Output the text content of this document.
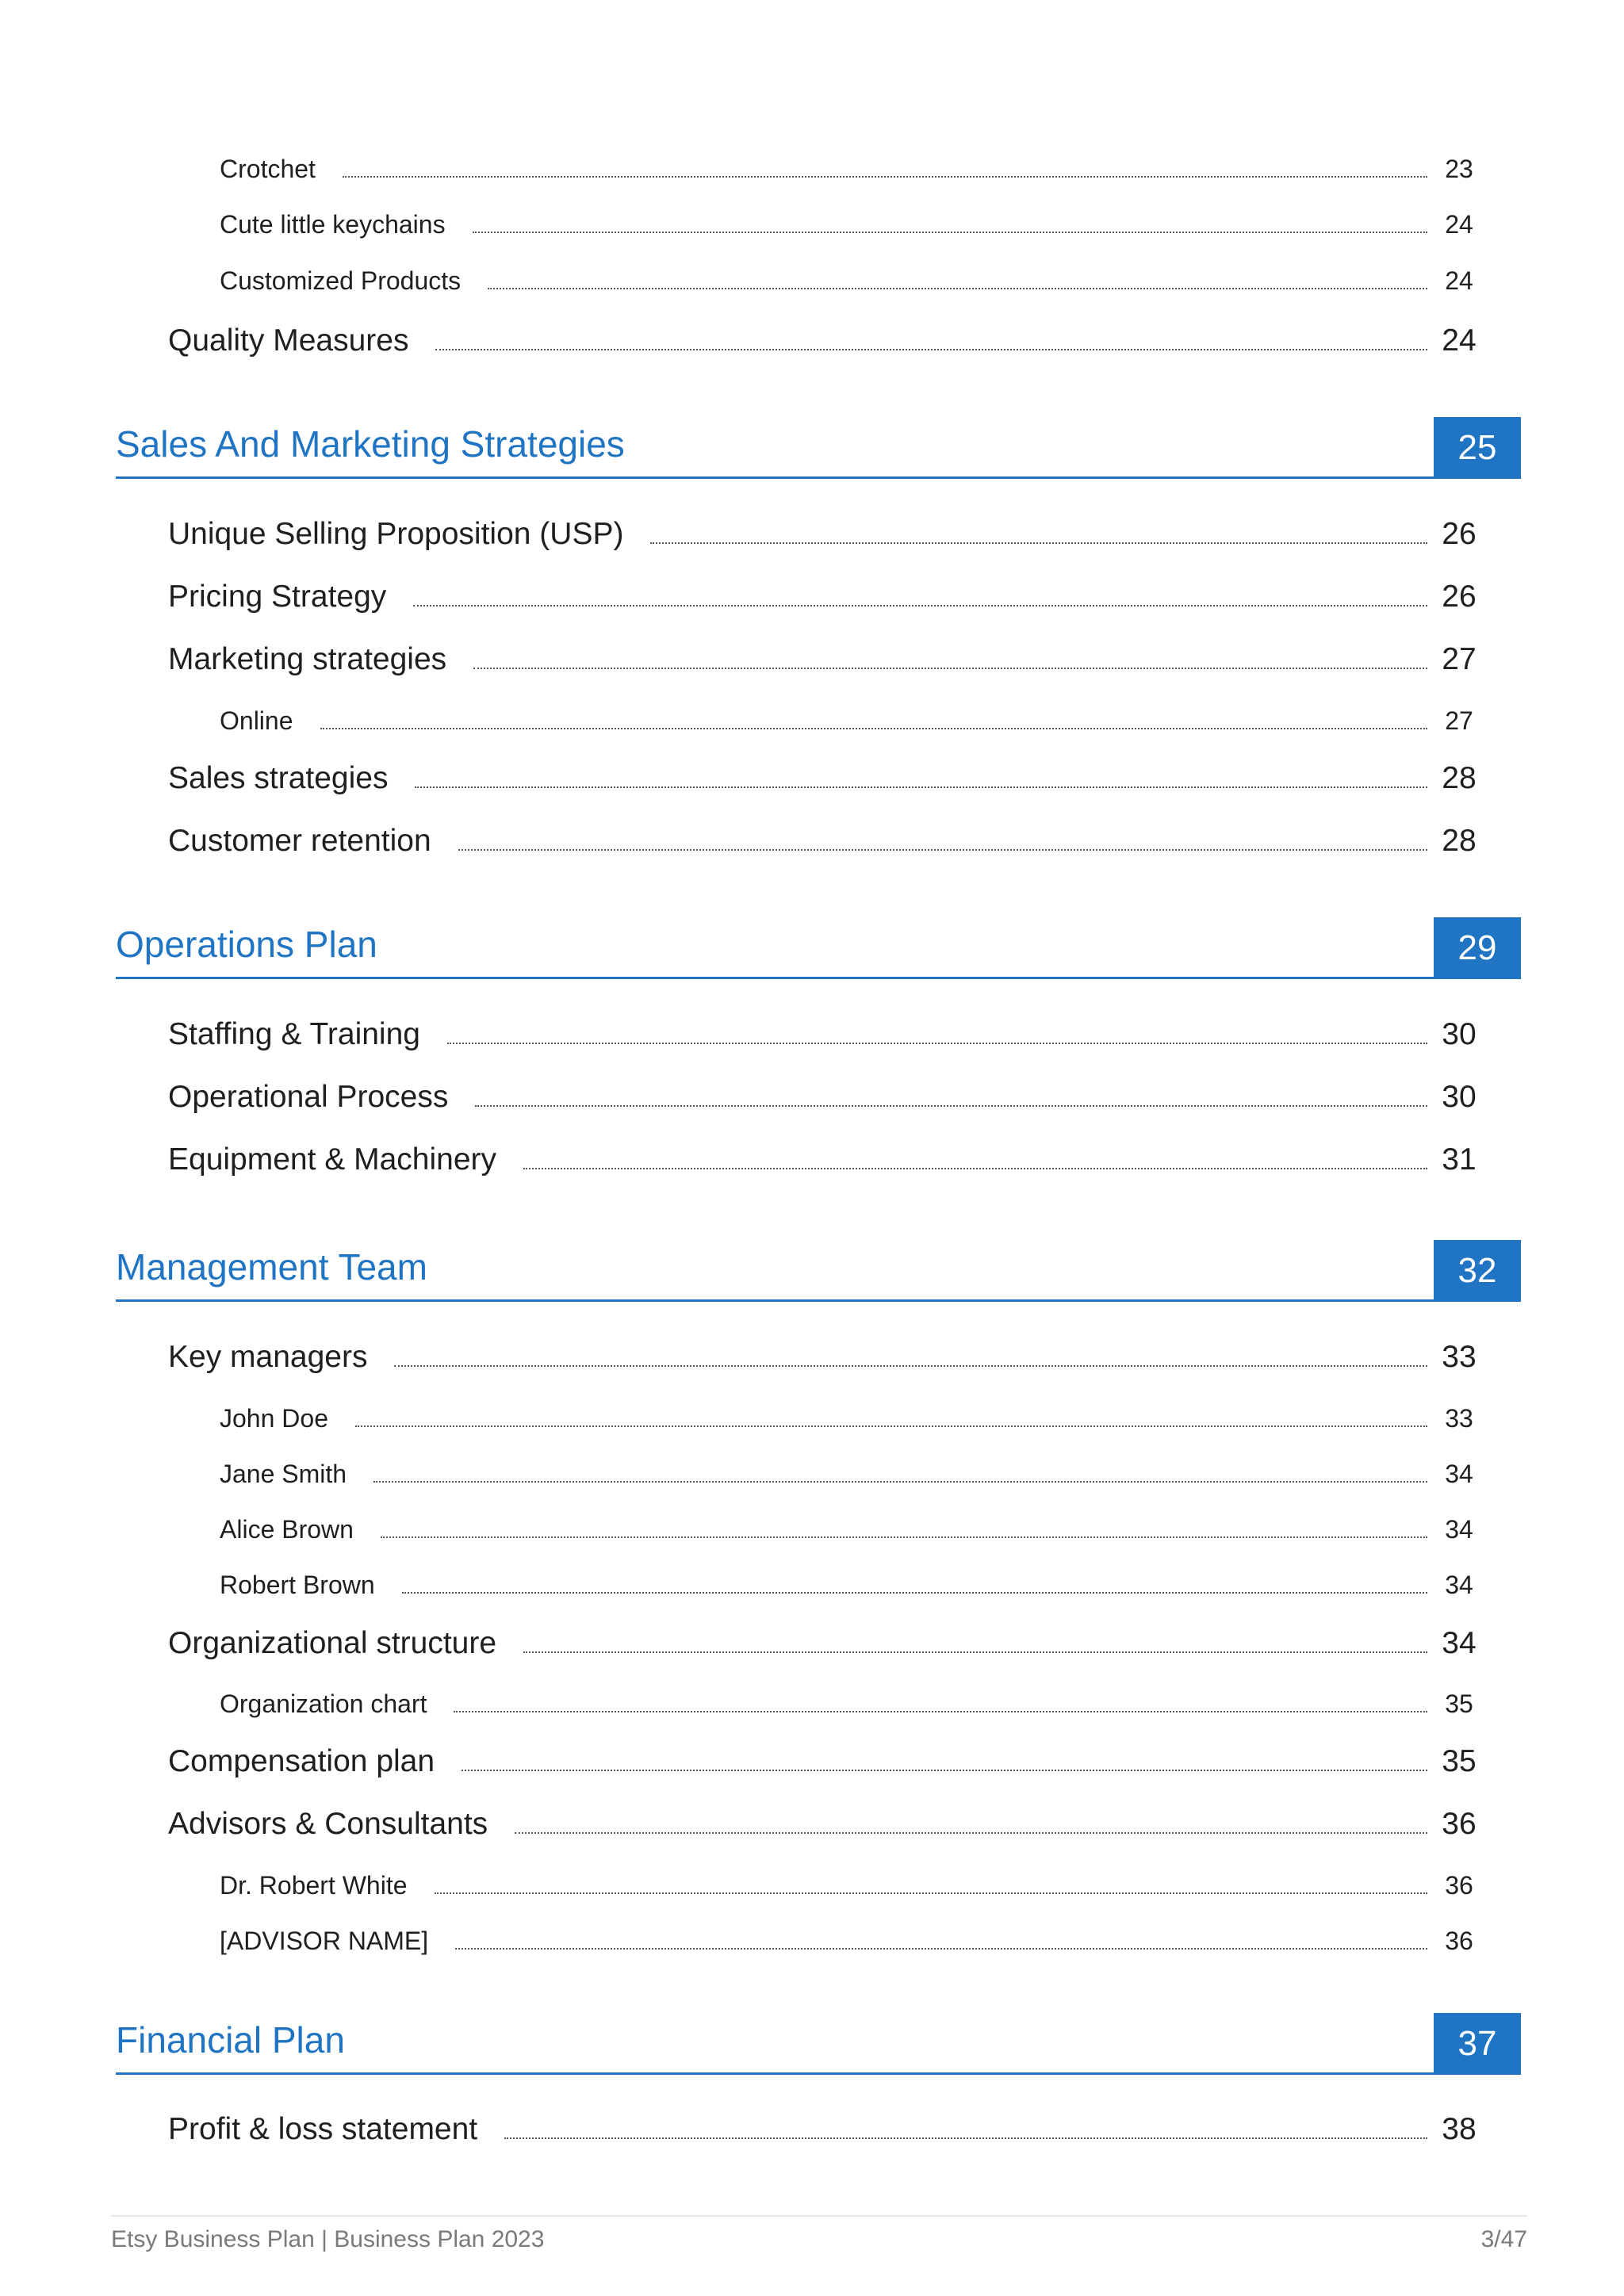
Crotchet	23
Cute little keychains	24
Customized Products	24
Quality Measures	24
Sales And Marketing Strategies	25
Unique Selling Proposition (USP)	26
Pricing Strategy	26
Marketing strategies	27
Online	27
Sales strategies	28
Customer retention	28
Operations Plan	29
Staffing & Training	30
Operational Process	30
Equipment & Machinery	31
Management Team	32
Key managers	33
John Doe	33
Jane Smith	34
Alice Brown	34
Robert Brown	34
Organizational structure	34
Organization chart	35
Compensation plan	35
Advisors & Consultants	36
Dr. Robert White	36
[ADVISOR NAME]	36
Financial Plan	37
Profit & loss statement	38
Etsy Business Plan | Business Plan 2023	3/47
